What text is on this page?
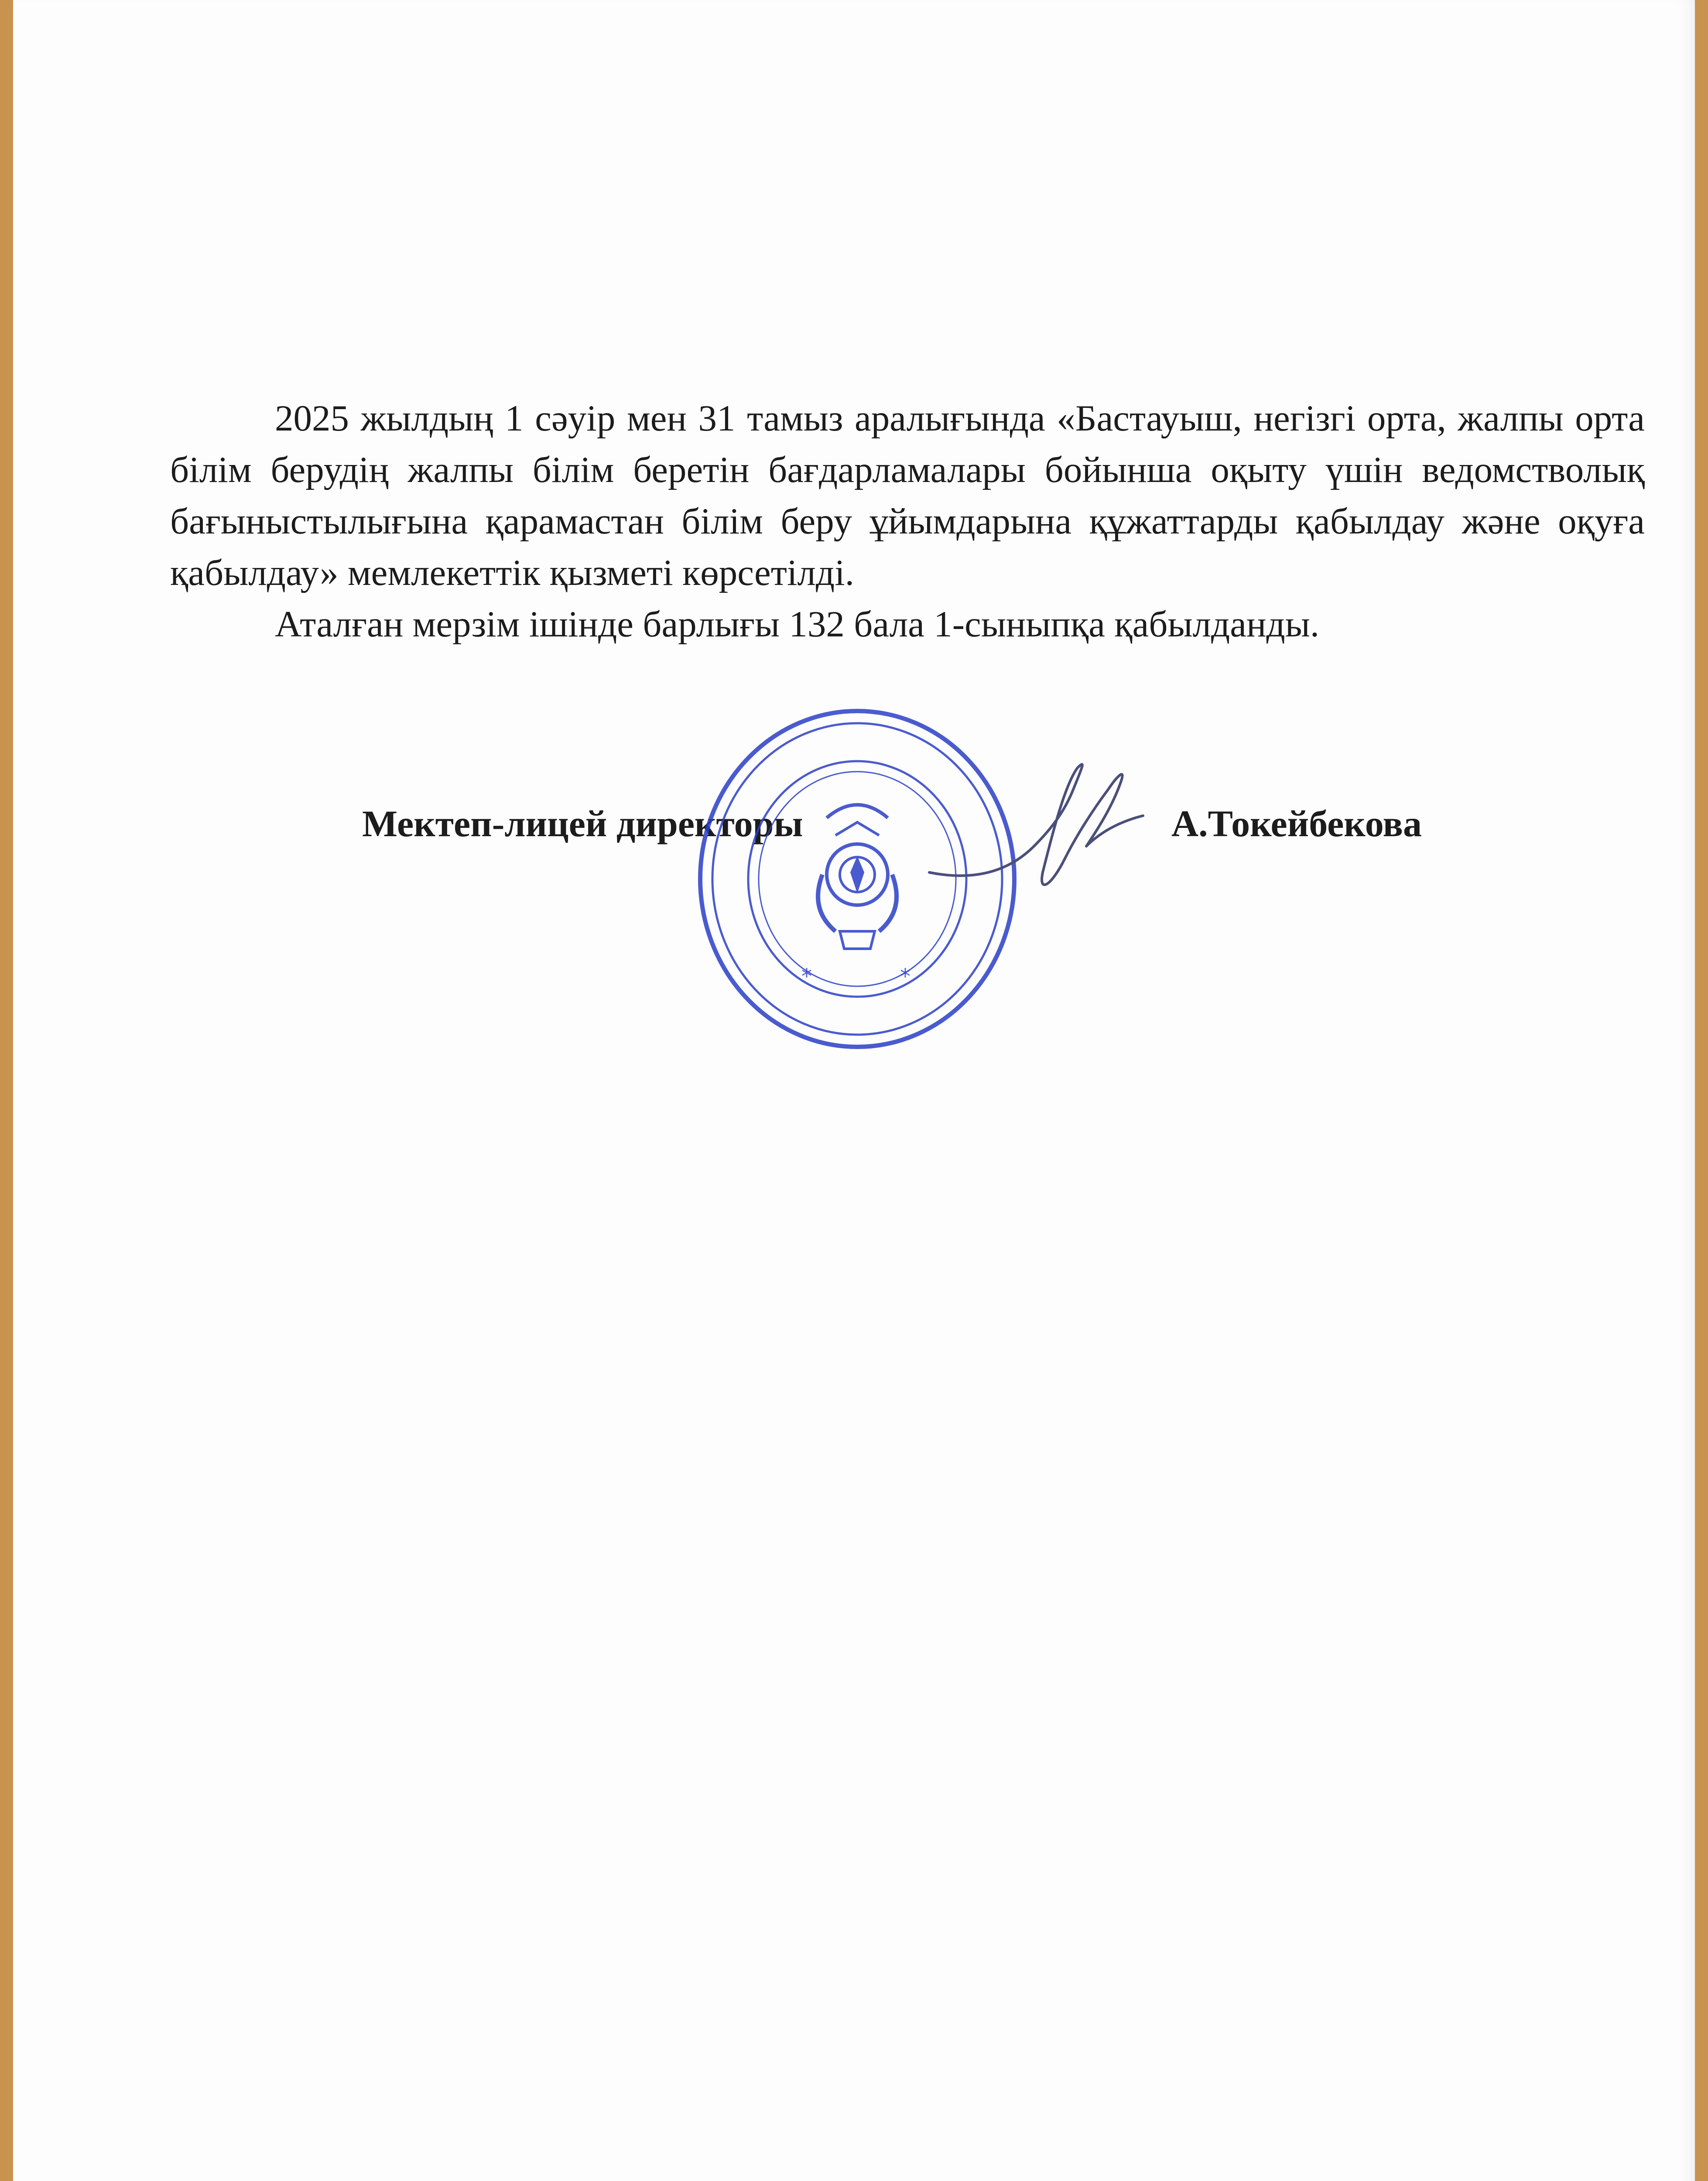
2025 жылдың 1 сәуір мен 31 тамыз аралығында «Бастауыш, негізгі орта, жалпы орта білім берудің жалпы білім беретін бағдарламалары бойынша оқыту үшін ведомстволық бағыныстылығына қарамастан білім беру ұйымдарына құжаттарды қабылдау және оқуға қабылдау» мемлекеттік қызметі көрсетілді.

Аталған мерзім ішінде барлығы 132 бала 1-сыныпқа қабылданды.

Мектеп-лицей директоры	А.Токейбекова
*	*
